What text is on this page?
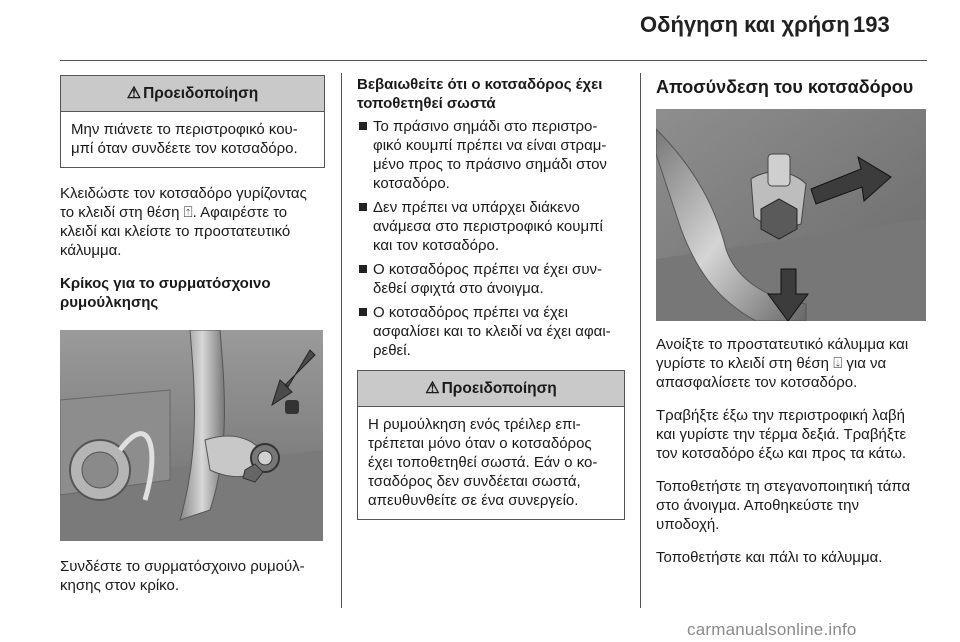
Οδήγηση και χρήση 193
⚠ Προειδοποίηση
Μην πιάνετε το περιστροφικό κου-μπί όταν συνδέετε τον κοτσαδόρο.

Κλειδώστε τον κοτσαδόρο γυρίζοντας το κλειδί στη θέση ⍐. Αφαιρέστε το κλειδί και κλείστε το προστατευτικό κάλυμμα.

Κρίκος για το συρματόσχοινο ρυμούλκησης

Συνδέστε το συρματόσχοινο ρυμούλ-κησης στον κρίκο.

Βεβαιωθείτε ότι ο κοτσαδόρος έχει τοποθετηθεί σωστά
Το πράσινο σημάδι στο περιστρο-φικό κουμπί πρέπει να είναι στραμ-μένο προς το πράσινο σημάδι στον κοτσαδόρο.
Δεν πρέπει να υπάρχει διάκενο ανάμεσα στο περιστροφικό κουμπί και τον κοτσαδόρο.
Ο κοτσαδόρος πρέπει να έχει συν-δεθεί σφιχτά στο άνοιγμα.
Ο κοτσαδόρος πρέπει να έχει ασφαλίσει και το κλειδί να έχει αφαι-ρεθεί.
⚠ Προειδοποίηση
Η ρυμούλκηση ενός τρέιλερ επι-τρέπεται μόνο όταν ο κοτσαδόρος έχει τοποθετηθεί σωστά. Εάν ο κο-τσαδόρος δεν συνδέεται σωστά, απευθυνθείτε σε ένα συνεργείο.
Αποσύνδεση του κοτσαδόρου

Ανοίξτε το προστατευτικό κάλυμμα και γυρίστε το κλειδί στη θέση ⍗ για να απασφαλίσετε τον κοτσαδόρο.

Τραβήξτε έξω την περιστροφική λαβή και γυρίστε την τέρμα δεξιά. Τραβήξτε τον κοτσαδόρο έξω και προς τα κάτω.

Τοποθετήστε τη στεγανοποιητική τάπα στο άνοιγμα. Αποθηκεύστε την υποδοχή.

Τοποθετήστε και πάλι το κάλυμμα.

carmanualsonline.info
